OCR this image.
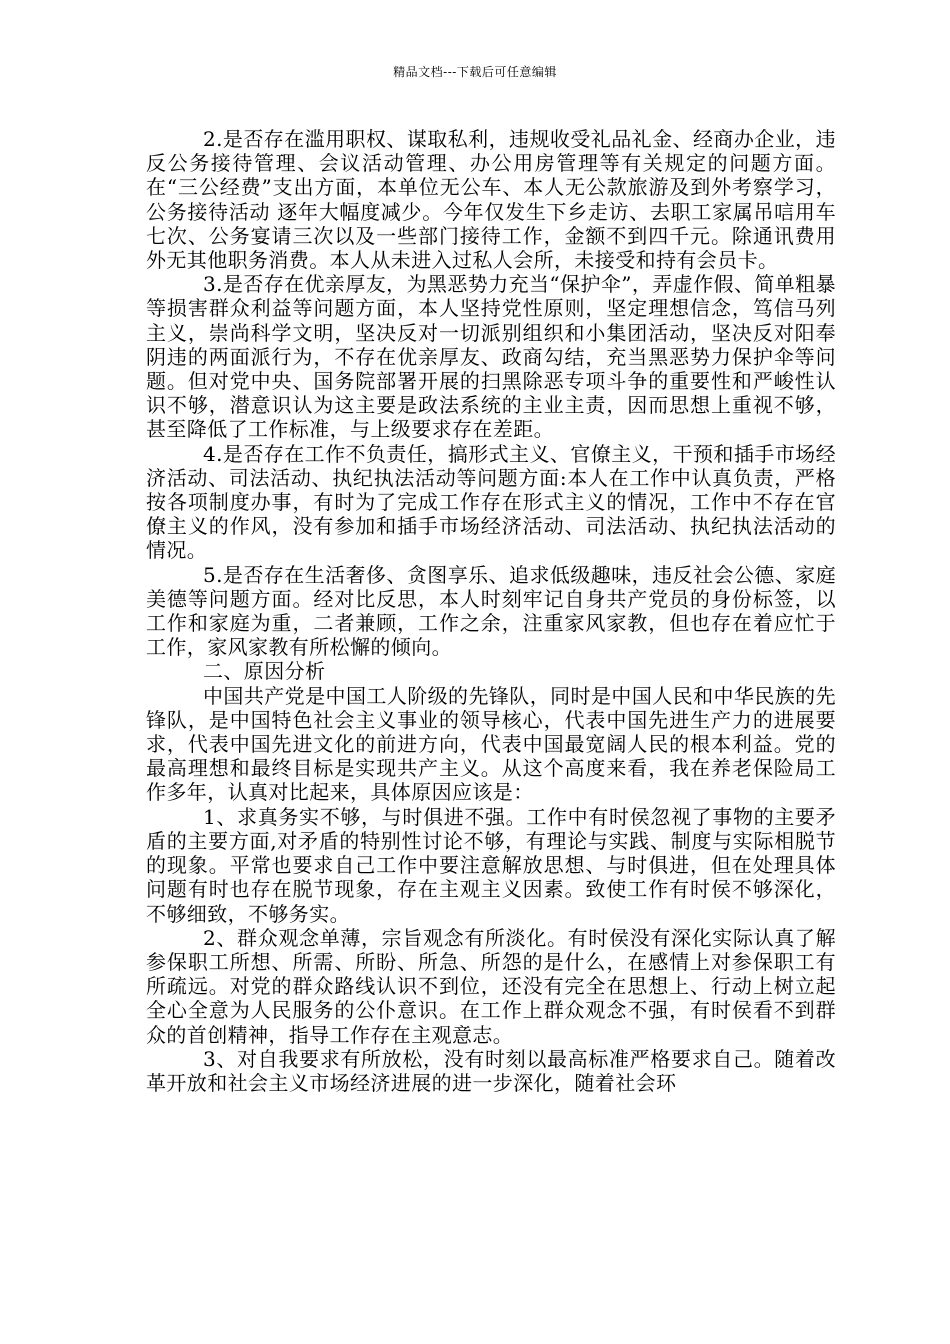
精品文档---下载后可任意编辑

2.是否存在滥用职权、谋取私利，违规收受礼品礼金、经商办企业，违反公务接待管理、会议活动管理、办公用房管理等有关规定的问题方面。在“三公经费”支出方面，本单位无公车、本人无公款旅游及到外考察学习，公务接待活动 逐年大幅度减少。今年仅发生下乡走访、去职工家属吊唁用车七次、公务宴请三次以及一些部门接待工作，金额不到四千元。除通讯费用外无其他职务消费。本人从未进入过私人会所，未接受和持有会员卡。

3.是否存在优亲厚友，为黑恶势力充当“保护伞”，弄虚作假、简单粗暴等损害群众利益等问题方面，本人坚持党性原则，坚定理想信念，笃信马列主义，崇尚科学文明，坚决反对一切派别组织和小集团活动，坚决反对阳奉阴违的两面派行为，不存在优亲厚友、政商勾结，充当黑恶势力保护伞等问题。但对党中央、国务院部署开展的扫黑除恶专项斗争的重要性和严峻性认识不够，潜意识认为这主要是政法系统的主业主责，因而思想上重视不够，甚至降低了工作标准，与上级要求存在差距。

4.是否存在工作不负责任，搞形式主义、官僚主义，干预和插手市场经济活动、司法活动、执纪执法活动等问题方面:本人在工作中认真负责，严格按各项制度办事，有时为了完成工作存在形式主义的情况，工作中不存在官僚主义的作风，没有参加和插手市场经济活动、司法活动、执纪执法活动的情况。

5.是否存在生活奢侈、贪图享乐、追求低级趣味，违反社会公德、家庭美德等问题方面。经对比反思，本人时刻牢记自身共产党员的身份标签，以工作和家庭为重，二者兼顾，工作之余，注重家风家教，但也存在着应忙于工作，家风家教有所松懈的倾向。

二、原因分析

中国共产党是中国工人阶级的先锋队，同时是中国人民和中华民族的先锋队，是中国特色社会主义事业的领导核心，代表中国先进生产力的进展要求，代表中国先进文化的前进方向，代表中国最宽阔人民的根本利益。党的最高理想和最终目标是实现共产主义。从这个高度来看，我在养老保险局工作多年，认真对比起来，具体原因应该是：

1、求真务实不够，与时俱进不强。工作中有时侯忽视了事物的主要矛盾的主要方面,对矛盾的特别性讨论不够，有理论与实践、制度与实际相脱节的现象。平常也要求自己工作中要注意解放思想、与时俱进，但在处理具体问题有时也存在脱节现象，存在主观主义因素。致使工作有时侯不够深化，不够细致，不够务实。

2、群众观念单薄，宗旨观念有所淡化。有时侯没有深化实际认真了解参保职工所想、所需、所盼、所急、所怨的是什么，在感情上对参保职工有所疏远。对党的群众路线认识不到位，还没有完全在思想上、行动上树立起全心全意为人民服务的公仆意识。在工作上群众观念不强，有时侯看不到群众的首创精神，指导工作存在主观意志。

3、对自我要求有所放松，没有时刻以最高标准严格要求自己。随着改革开放和社会主义市场经济进展的进一步深化，随着社会环
